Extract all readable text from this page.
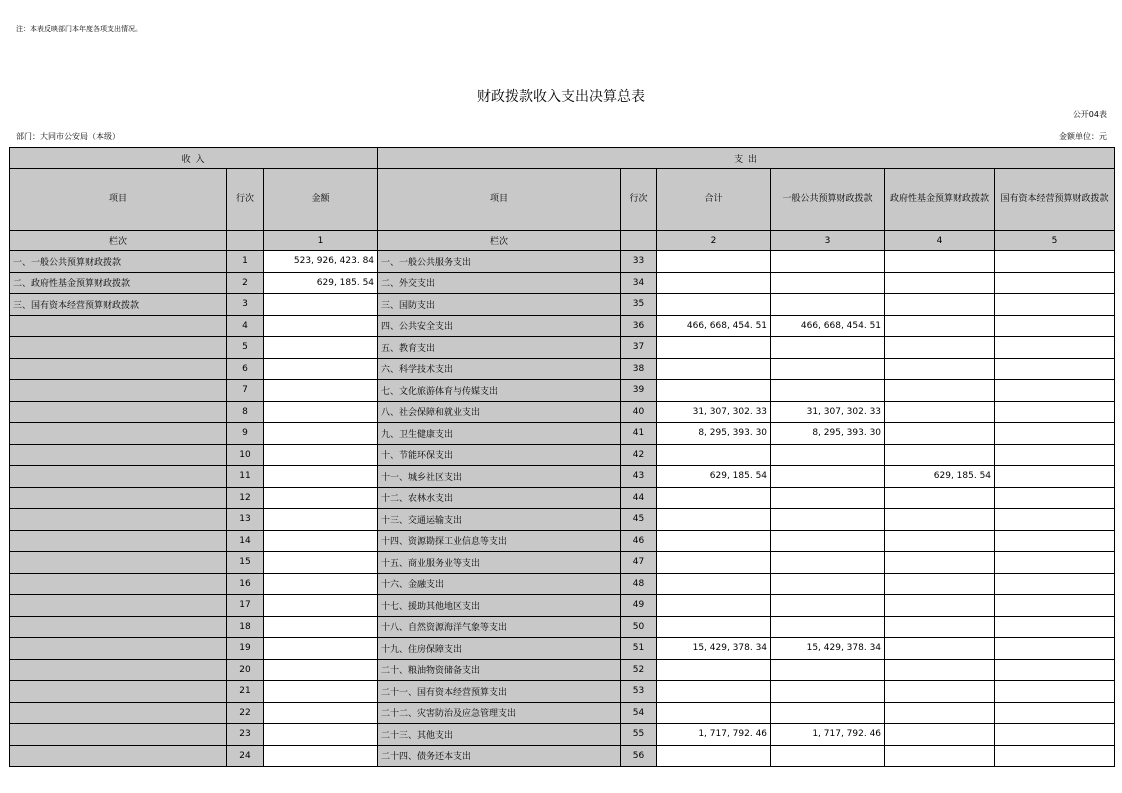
注：本表反映部门本年度各项支出情况。
财政拨款收入支出决算总表
公开04表
部门：大同市公安局（本级）	金额单位：元
收 入			支 出					
项目	行次	金额	项目	行次	合计	一般公共预算财政拨款	政府性基金预算财政拨款	国有资本经营预算财政拨款
栏次		1	栏次		2	3	4	5
一、一般公共预算财政拨款	1	523, 926, 423. 84	一、一般公共服务支出	33				
二、政府性基金预算财政拨款	2	629, 185. 54	二、外交支出	34				
三、国有资本经营预算财政拨款	3		三、国防支出	35				
	4		四、公共安全支出	36	466, 668, 454. 51	466, 668, 454. 51		
	5		五、教育支出	37				
	6		六、科学技术支出	38				
	7		七、文化旅游体育与传媒支出	39				
	8		八、社会保障和就业支出	40	31, 307, 302. 33	31, 307, 302. 33		
	9		九、卫生健康支出	41	8, 295, 393. 30	8, 295, 393. 30		
	10		十、节能环保支出	42				
	11		十一、城乡社区支出	43	629, 185. 54		629, 185. 54	
	12		十二、农林水支出	44				
	13		十三、交通运输支出	45				
	14		十四、资源勘探工业信息等支出	46				
	15		十五、商业服务业等支出	47				
	16		十六、金融支出	48				
	17		十七、援助其他地区支出	49				
	18		十八、自然资源海洋气象等支出	50				
	19		十九、住房保障支出	51	15, 429, 378. 34	15, 429, 378. 34		
	20		二十、粮油物资储备支出	52				
	21		二十一、国有资本经营预算支出	53				
	22		二十二、灾害防治及应急管理支出	54				
	23		二十三、其他支出	55	1, 717, 792. 46	1, 717, 792. 46		
	24		二十四、债务还本支出	56				
